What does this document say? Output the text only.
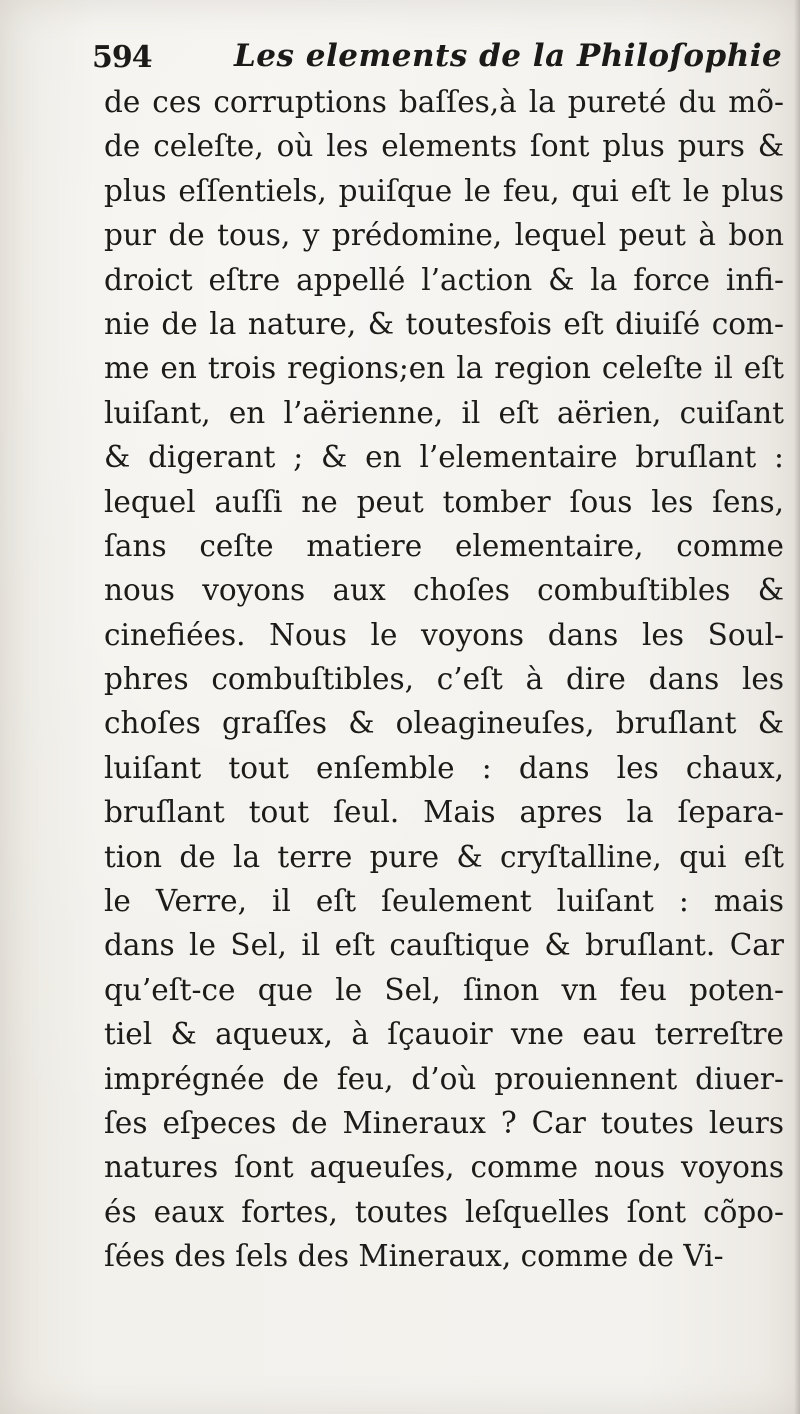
594	Les elements de la Philoſophie
de ces corruptions baſſes,à la pureté du mõ-
de celeſte, où les elements ſont plus purs &
plus eſſentiels, puiſque le feu, qui eſt le plus
pur de tous, y prédomine, lequel peut à bon
droict eſtre appellé l’action & la force infi-
nie de la nature, & toutesfois eſt diuiſé com-
me en trois regions;en la region celeſte il eſt
luiſant, en l’aërienne, il eſt aërien, cuiſant
& digerant ; & en l’elementaire bruſlant :
lequel auſſi ne peut tomber ſous les ſens,
ſans ceſte matiere elementaire, comme
nous voyons aux choſes combuſtibles &
cinefiées. Nous le voyons dans les Soul-
phres combuſtibles, c’eſt à dire dans les
choſes graſſes & oleagineuſes, bruſlant &
luiſant tout enſemble : dans les chaux,
bruſlant tout ſeul. Mais apres la ſepara-
tion de la terre pure & cryſtalline, qui eſt
le Verre, il eſt ſeulement luiſant : mais
dans le Sel, il eſt cauſtique & bruſlant. Car
qu’eſt-ce que le Sel, ſinon vn feu poten-
tiel & aqueux, à ſçauoir vne eau terreſtre
imprégnée de feu, d’où prouiennent diuer-
ſes eſpeces de Mineraux ? Car toutes leurs
natures ſont aqueuſes, comme nous voyons
és eaux fortes, toutes leſquelles ſont cõpo-
ſées des ſels des Mineraux, comme de Vi-
